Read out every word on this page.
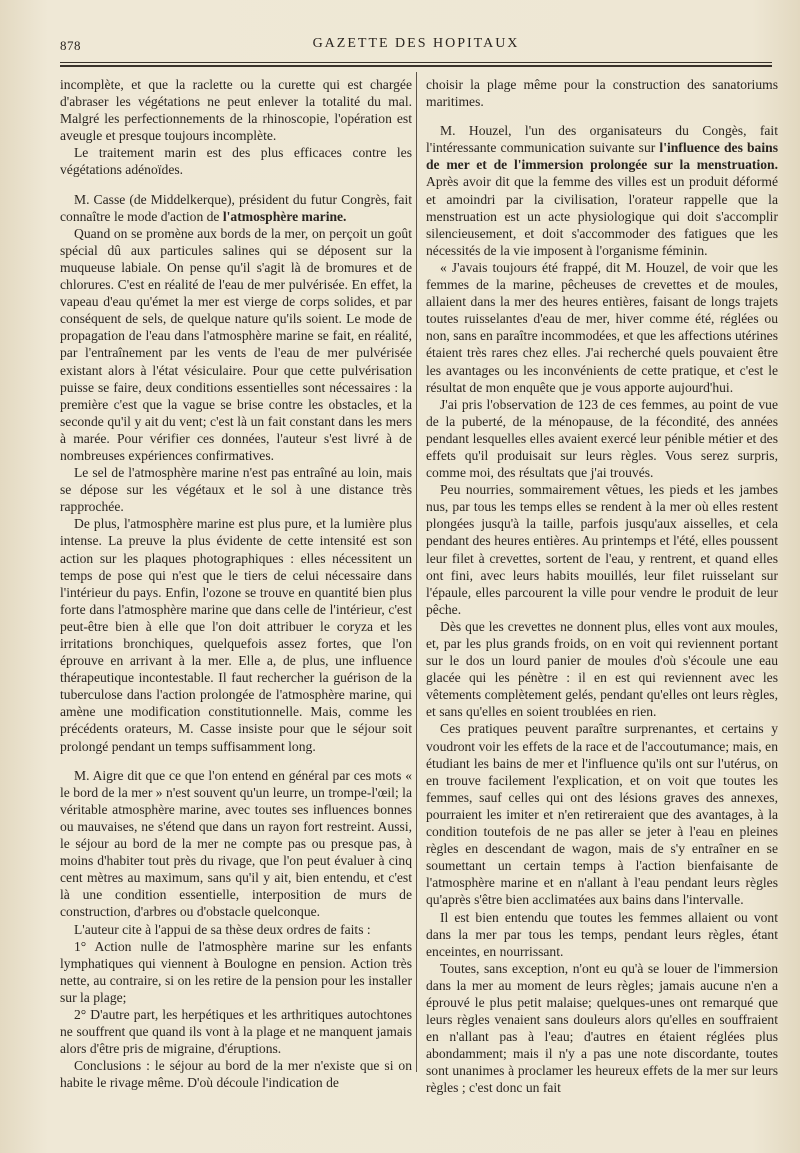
878	GAZETTE DES HOPITAUX

incomplète, et que la raclette ou la curette qui est chargée d'abraser les végétations ne peut enlever la totalité du mal. Malgré les perfectionnements de la rhinoscopie, l'opération est aveugle et presque toujours incomplète.

Le traitement marin est des plus efficaces contre les végétations adénoïdes.

M. Casse (de Middelkerque), président du futur Congrès, fait connaître le mode d'action de l'atmosphère marine.

Quand on se promène aux bords de la mer, on perçoit un goût spécial dû aux particules salines qui se déposent sur la muqueuse labiale. On pense qu'il s'agit là de bromures et de chlorures. C'est en réalité de l'eau de mer pulvérisée. En effet, la vapeau d'eau qu'émet la mer est vierge de corps solides, et par conséquent de sels, de quelque nature qu'ils soient. Le mode de propagation de l'eau dans l'atmosphère marine se fait, en réalité, par l'entraînement par les vents de l'eau de mer pulvérisée existant alors à l'état vésiculaire. Pour que cette pulvérisation puisse se faire, deux conditions essentielles sont nécessaires : la première c'est que la vague se brise contre les obstacles, et la seconde qu'il y ait du vent; c'est là un fait constant dans les mers à marée. Pour vérifier ces données, l'auteur s'est livré à de nombreuses expériences confirmatives.

Le sel de l'atmosphère marine n'est pas entraîné au loin, mais se dépose sur les végétaux et le sol à une distance très rapprochée.

De plus, l'atmosphère marine est plus pure, et la lumière plus intense. La preuve la plus évidente de cette intensité est son action sur les plaques photographiques : elles nécessitent un temps de pose qui n'est que le tiers de celui nécessaire dans l'intérieur du pays. Enfin, l'ozone se trouve en quantité bien plus forte dans l'atmosphère marine que dans celle de l'intérieur, c'est peut-être bien à elle que l'on doit attribuer le coryza et les irritations bronchiques, quelquefois assez fortes, que l'on éprouve en arrivant à la mer. Elle a, de plus, une influence thérapeutique incontestable. Il faut rechercher la guérison de la tuberculose dans l'action prolongée de l'atmosphère marine, qui amène une modification constitutionnelle. Mais, comme les précédents orateurs, M. Casse insiste pour que le séjour soit prolongé pendant un temps suffisamment long.

M. Aigre dit que ce que l'on entend en général par ces mots « le bord de la mer » n'est souvent qu'un leurre, un trompe-l'œil; la véritable atmosphère marine, avec toutes ses influences bonnes ou mauvaises, ne s'étend que dans un rayon fort restreint. Aussi, le séjour au bord de la mer ne compte pas ou presque pas, à moins d'habiter tout près du rivage, que l'on peut évaluer à cinq cent mètres au maximum, sans qu'il y ait, bien entendu, et c'est là une condition essentielle, interposition de murs de construction, d'arbres ou d'obstacle quelconque.

L'auteur cite à l'appui de sa thèse deux ordres de faits :

1° Action nulle de l'atmosphère marine sur les enfants lymphatiques qui viennent à Boulogne en pension. Action très nette, au contraire, si on les retire de la pension pour les installer sur la plage;

2° D'autre part, les herpétiques et les arthritiques autochtones ne souffrent que quand ils vont à la plage et ne manquent jamais alors d'être pris de migraine, d'éruptions.

Conclusions : le séjour au bord de la mer n'existe que si on habite le rivage même. D'où découle l'indication de

choisir la plage même pour la construction des sanatoriums maritimes.

M. Houzel, l'un des organisateurs du Congès, fait l'intéressante communication suivante sur l'influence des bains de mer et de l'immersion prolongée sur la menstruation. Après avoir dit que la femme des villes est un produit déformé et amoindri par la civilisation, l'orateur rappelle que la menstruation est un acte physiologique qui doit s'accomplir silencieusement, et doit s'accommoder des fatigues que les nécessités de la vie imposent à l'organisme féminin.

« J'avais toujours été frappé, dit M. Houzel, de voir que les femmes de la marine, pêcheuses de crevettes et de moules, allaient dans la mer des heures entières, faisant de longs trajets toutes ruisselantes d'eau de mer, hiver comme été, réglées ou non, sans en paraître incommodées, et que les affections utérines étaient très rares chez elles. J'ai recherché quels pouvaient être les avantages ou les inconvénients de cette pratique, et c'est le résultat de mon enquête que je vous apporte aujourd'hui.

J'ai pris l'observation de 123 de ces femmes, au point de vue de la puberté, de la ménopause, de la fécondité, des années pendant lesquelles elles avaient exercé leur pénible métier et des effets qu'il produisait sur leurs règles. Vous serez surpris, comme moi, des résultats que j'ai trouvés.

Peu nourries, sommairement vêtues, les pieds et les jambes nus, par tous les temps elles se rendent à la mer où elles restent plongées jusqu'à la taille, parfois jusqu'aux aisselles, et cela pendant des heures entières. Au printemps et l'été, elles poussent leur filet à crevettes, sortent de l'eau, y rentrent, et quand elles ont fini, avec leurs habits mouillés, leur filet ruisselant sur l'épaule, elles parcourent la ville pour vendre le produit de leur pêche.

Dès que les crevettes ne donnent plus, elles vont aux moules, et, par les plus grands froids, on en voit qui reviennent portant sur le dos un lourd panier de moules d'où s'écoule une eau glacée qui les pénètre : il en est qui reviennent avec les vêtements complètement gelés, pendant qu'elles ont leurs règles, et sans qu'elles en soient troublées en rien.

Ces pratiques peuvent paraître surprenantes, et certains y voudront voir les effets de la race et de l'accoutumance; mais, en étudiant les bains de mer et l'influence qu'ils ont sur l'utérus, on en trouve facilement l'explication, et on voit que toutes les femmes, sauf celles qui ont des lésions graves des annexes, pourraient les imiter et n'en retireraient que des avantages, à la condition toutefois de ne pas aller se jeter à l'eau en pleines règles en descendant de wagon, mais de s'y entraîner en se soumettant un certain temps à l'action bienfaisante de l'atmosphère marine et en n'allant à l'eau pendant leurs règles qu'après s'être bien acclimatées aux bains dans l'intervalle.

Il est bien entendu que toutes les femmes allaient ou vont dans la mer par tous les temps, pendant leurs règles, étant enceintes, en nourrissant.

Toutes, sans exception, n'ont eu qu'à se louer de l'immersion dans la mer au moment de leurs règles; jamais aucune n'en a éprouvé le plus petit malaise; quelques-unes ont remarqué que leurs règles venaient sans douleurs alors qu'elles en souffraient en n'allant pas à l'eau; d'autres en étaient réglées plus abondamment; mais il n'y a pas une note discordante, toutes sont unanimes à proclamer les heureux effets de la mer sur leurs règles ; c'est donc un fait
